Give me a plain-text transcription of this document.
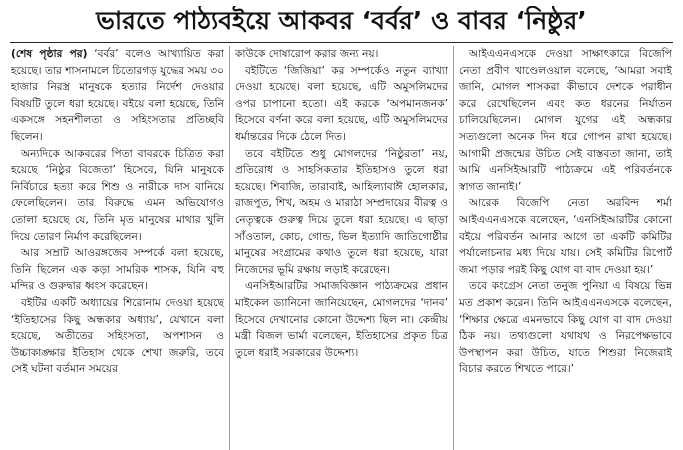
ভারতে পাঠ্যবইয়ে আকবর ‘বর্বর’ ও বাবর ‘নিষ্ঠুর’

(শেষ পৃষ্ঠার পর) ‘বর্বর’ বলেও আখ্যায়িত করা হয়েছে। তার শাসনামলে চিতোরগড় যুদ্ধের সময় ৩০ হাজার নিরস্ত্র মানুষকে হত্যার নির্দেশ দেওয়ার বিষয়টি তুলে ধরা হয়েছে। বইয়ে বলা হয়েছে, তিনি একসঙ্গে সহনশীলতা ও সহিংসতার প্রতিচ্ছবি ছিলেন।

অন্যদিকে আকবরের পিতা বাবরকে চিত্রিত করা হয়েছে ‘নিষ্ঠুর বিজেতা’ হিসেবে, যিনি মানুষকে নির্বিচারে হত্যা করে শিশু ও নারীকে দাস বানিয়ে ফেলেছিলেন। তার বিরুদ্ধে এমন অভিযোগও তোলা হয়েছে যে, তিনি মৃত মানুষের মাথার খুলি দিয়ে তোরণ নির্মাণ করেছিলেন।

আর সম্রাট আওরঙ্গজেব সম্পর্কে বলা হয়েছে, তিনি ছিলেন এক কড়া সামরিক শাসক, যিনি বহু মন্দির ও গুরুদ্বার ধ্বংস করেছেন।

বইটির একটি অধ্যায়ের শিরোনাম দেওয়া হয়েছে ‘ইতিহাসের কিছু অন্ধকার অধ্যায়’, যেখানে বলা হয়েছে, অতীতের সহিংসতা, অপশাসন ও উচ্চাকাঙ্ক্ষার ইতিহাস থেকে শেখা জরুরি, তবে সেই ঘটনা বর্তমান সময়ের

কাউকে দোষারোপ করার জন্য নয়।

বইটিতে ‘জিজিয়া’ কর সম্পর্কেও নতুন ব্যাখ্যা দেওয়া হয়েছে। বলা হয়েছে, এটি অমুসলিমদের ওপর চাপানো হতো। এই করকে ‘অপমানজনক’ হিসেবে বর্ণনা করে বলা হয়েছে, এটি অমুসলিমদের ধর্মান্তরের দিকে ঠেলে দিত।

তবে বইটিতে শুধু মোগলদের ‘নিষ্ঠুরতা’ নয়, প্রতিরোধ ও সাহসিকতার ইতিহাসও তুলে ধরা হয়েছে। শিবাজি, তারাবাই, আহিল্যাবাঈ হোলকার, রাজপুত, শিখ, অহম ও মারাঠা সম্প্রদায়ের বীরত্ব ও নেতৃত্বকে গুরুত্ব দিয়ে তুলে ধরা হয়েছে। এ ছাড়া সাঁওতাল, কোচ, গোন্ড, ভিল ইত্যাদি জাতিগোষ্ঠীর মানুষের সংগ্রামের কথাও তুলে ধরা হয়েছে, যারা নিজেদের ভূমি রক্ষায় লড়াই করেছেন।

এনসিইআরটির সমাজবিজ্ঞান পাঠ্যক্রমের প্রধান মাইকেল ড্যানিনো জানিয়েছেন, মোগলদের ‘দানব’ হিসেবে দেখানোর কোনো উদ্দেশ্য ছিল না। কেন্দ্রীয় মন্ত্রী বিজল ভার্মা বলেছেন, ইতিহাসের প্রকৃত চিত্র তুলে ধরাই সরকারের উদ্দেশ্য।

আইএএনএসকে দেওয়া সাক্ষাৎকারে বিজেপি নেতা প্রবীণ খাণ্ডেলওয়াল বলেছে, ‘আমরা সবাই জানি, মোগল শাসকরা কীভাবে দেশকে পরাধীন করে রেখেছিলেন এবং কত ধরনের নির্যাতন চালিয়েছিলেন। মোগল যুগের এই অন্ধকার সত্যগুলো অনেক দিন ধরে গোপন রাখা হয়েছে। আগামী প্রজন্মের উচিত সেই বাস্তবতা জানা, তাই আমি এনসিইআরটি পাঠ্যক্রমে এই পরিবর্তনকে স্বাগত জানাই।’

আরেক বিজেপি নেতা অরবিন্দ শর্মা আইএএনএসকে বলেছেন, ‘এনসিইআরটির কোনো বইয়ে পরিবর্তন আনার আগে তা একটি কমিটির পর্যালোচনার মধ্য দিয়ে যায়। সেই কমিটির রিপোর্ট জমা পড়ার পরই কিছু যোগ বা বাদ দেওয়া হয়।’

তবে কংগ্রেস নেতা তনুজ পুনিয়া এ বিষয়ে ভিন্ন মত প্রকাশ করেন। তিনি আইএএনএসকে বলেছেন, ‘শিক্ষার ক্ষেত্রে এমনভাবে কিছু যোগ বা বাদ দেওয়া ঠিক নয়। তথ্যগুলো যথাযথ ও নিরপেক্ষভাবে উপস্থাপন করা উচিত, যাতে শিশুরা নিজেরাই বিচার করতে শিখতে পারে।’
